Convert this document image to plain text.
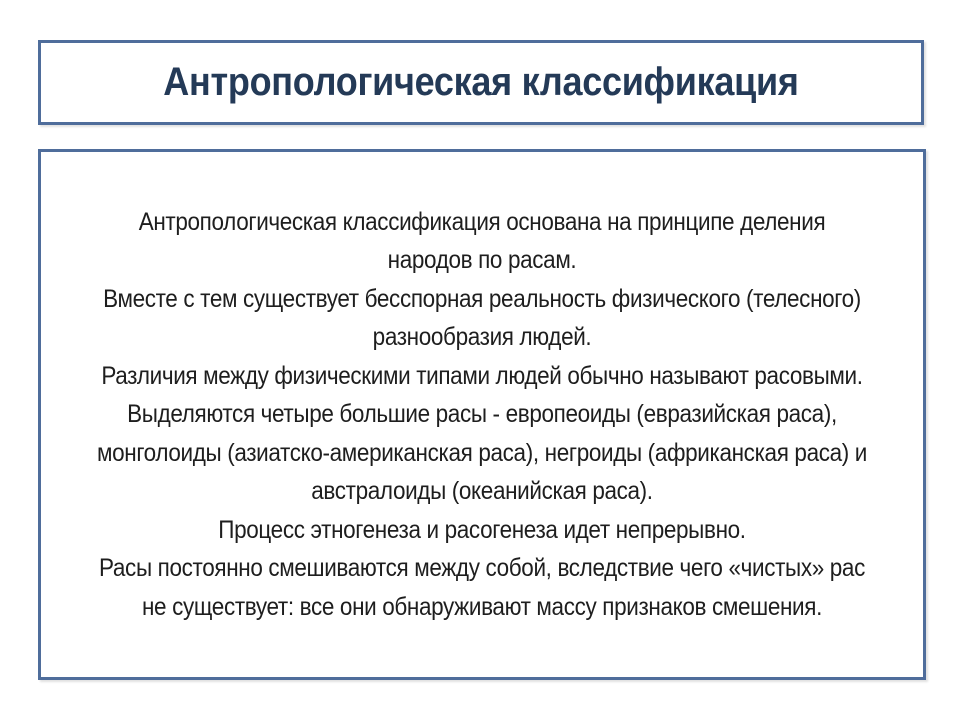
Антропологическая классификация

Антропологическая классификация основана на принципе деления народов по расам.

Вместе с тем существует бесспорная реальность физического (телесного) разнообразия людей.

Различия между физическими типами людей обычно называют расовыми.

Выделяются четыре большие расы - европеоиды (евразийская раса), монголоиды (азиатско-американская раса), негроиды (африканская раса) и австралоиды (океанийская раса).

Процесс этногенеза и расогенеза идет непрерывно.

Расы постоянно смешиваются между собой, вследствие чего «чистых» рас не существует: все они обнаруживают массу признаков смешения.
